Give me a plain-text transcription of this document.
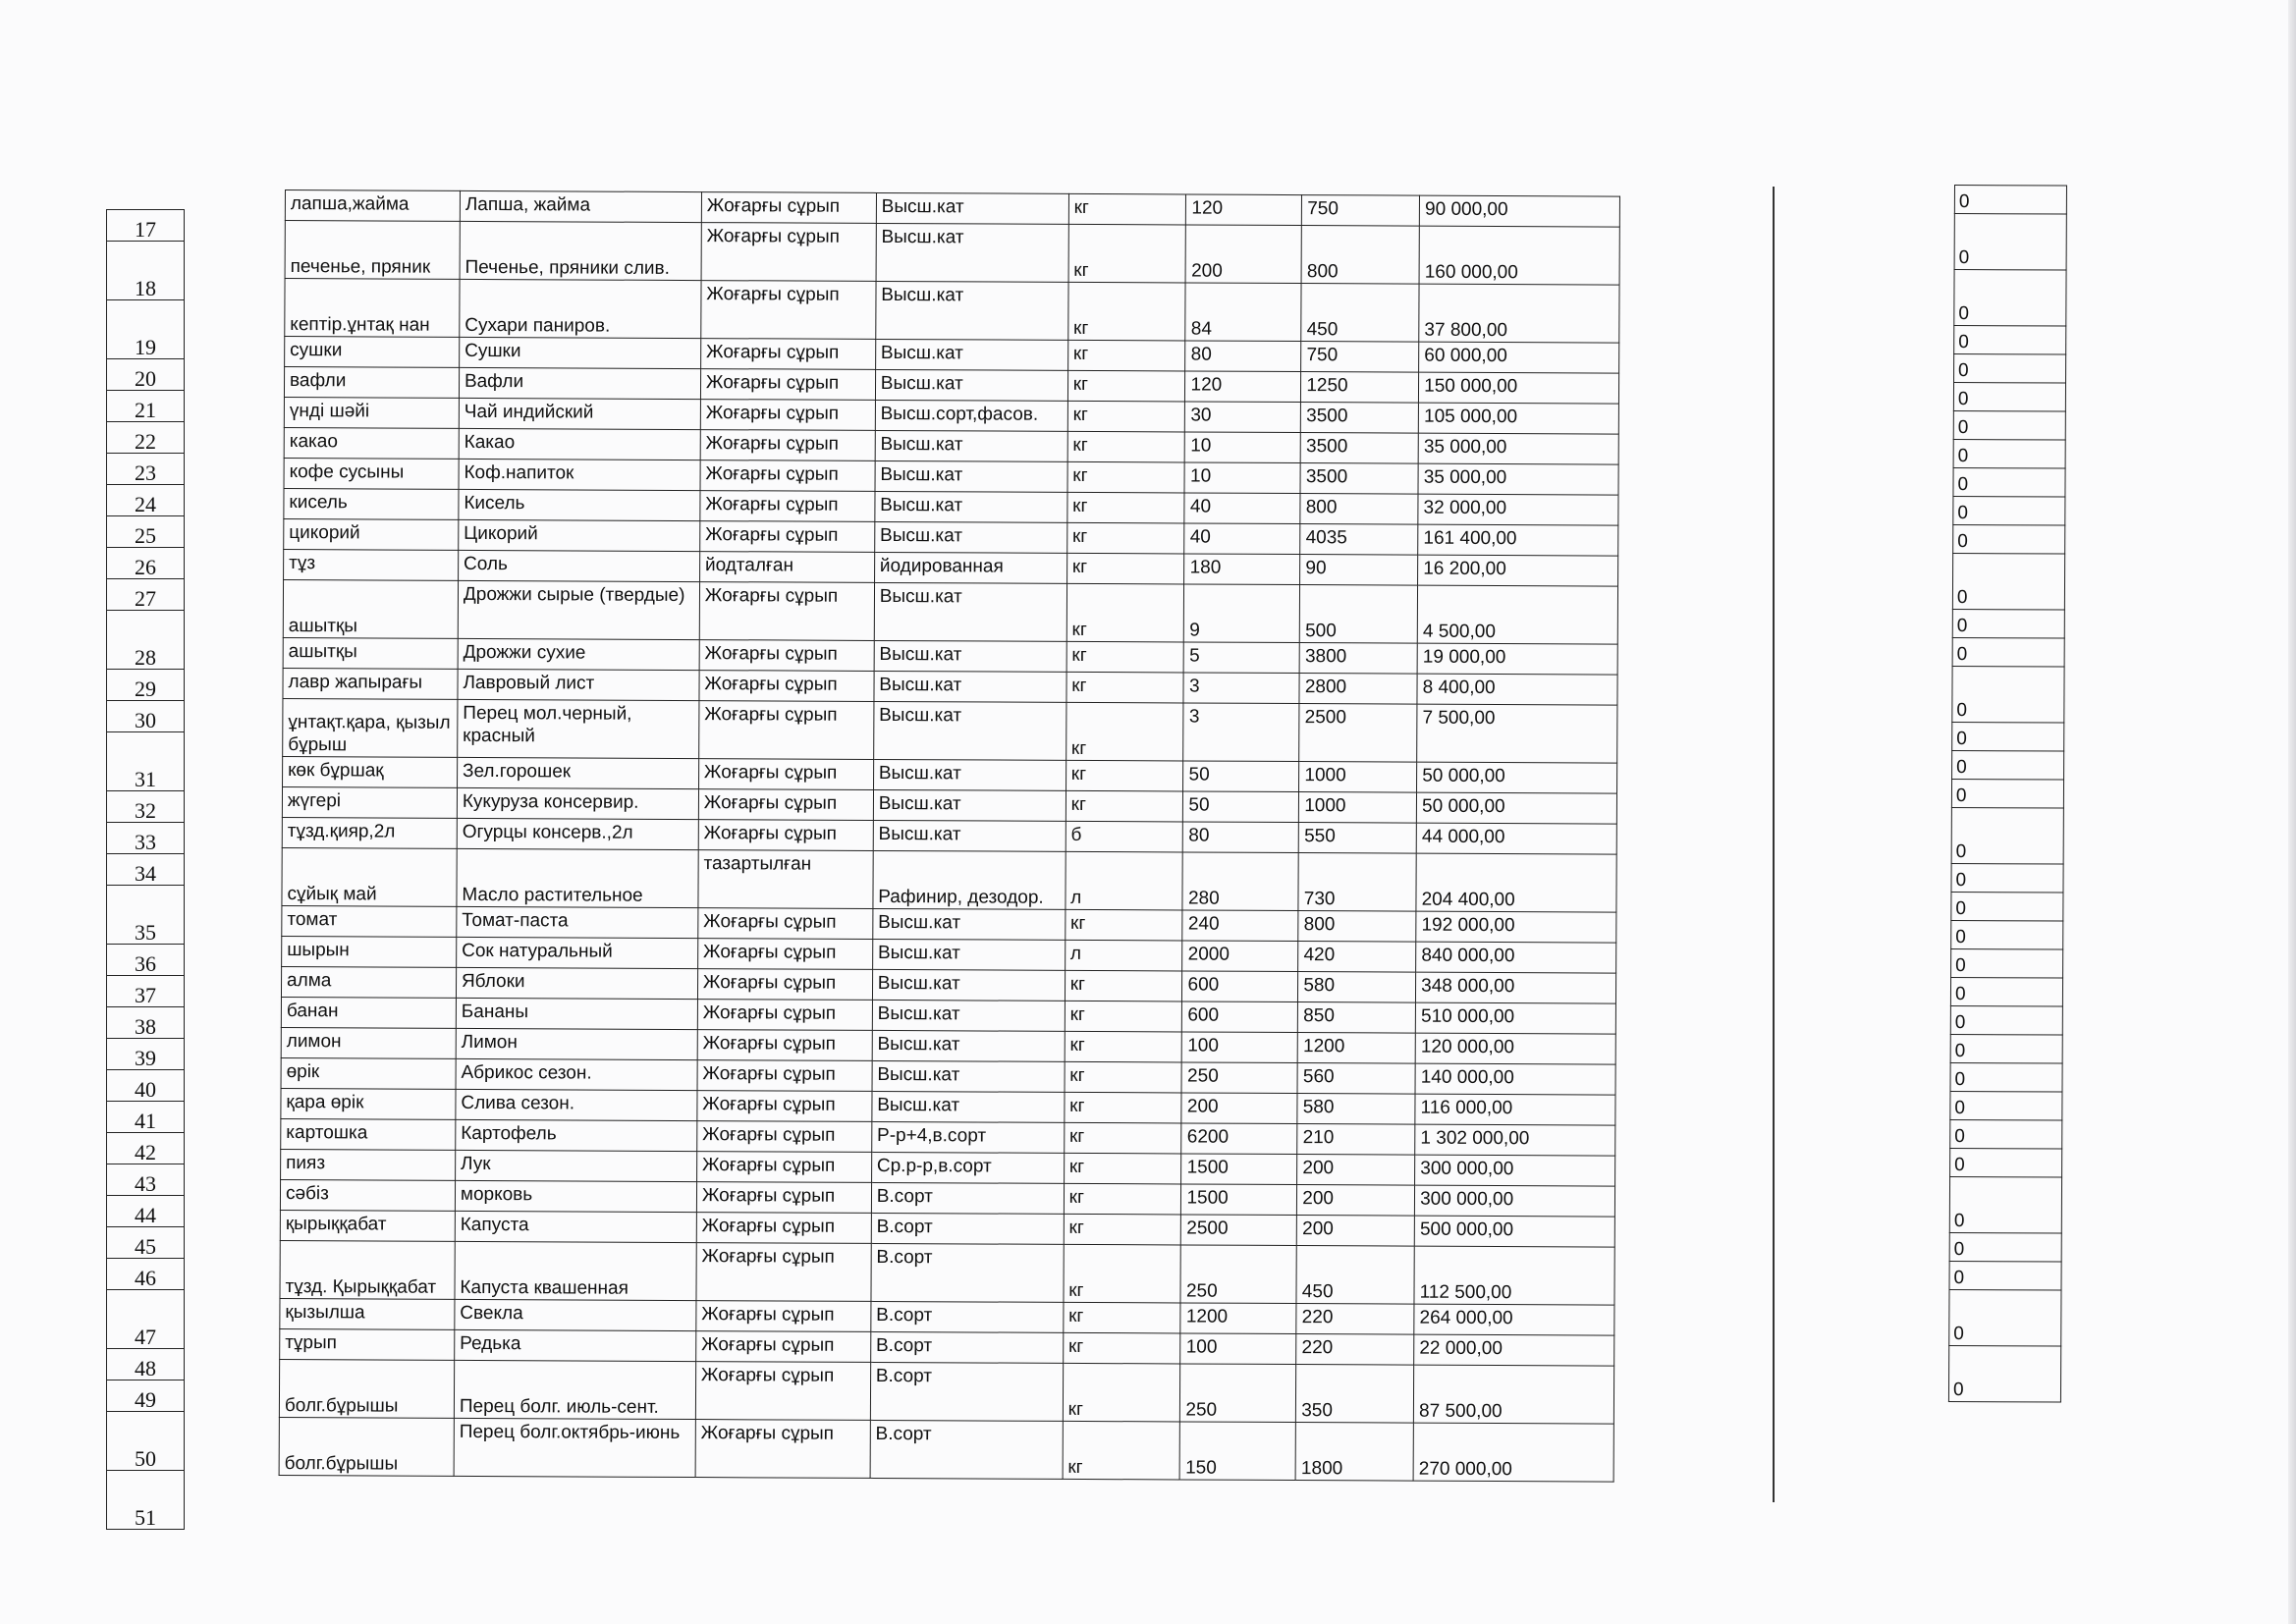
17
18
19
20
21
22
23
24
25
26
27
28
29
30
31
32
33
34
35
36
37
38
39
40
41
42
43
44
45
46
47
48
49
50
51
лапша,жайма	Лапша, жайма	Жоғарғы сұрып	Высш.кат	кг	120	750	90 000,00
печенье, пряник	Печенье, пряники слив.	Жоғарғы сұрып	Высш.кат	кг	200	800	160 000,00
кептір.ұнтақ нан	Сухари паниров.	Жоғарғы сұрып	Высш.кат	кг	84	450	37 800,00
сушки	Сушки	Жоғарғы сұрып	Высш.кат	кг	80	750	60 000,00
вафли	Вафли	Жоғарғы сұрып	Высш.кат	кг	120	1250	150 000,00
үнді шәйі	Чай индийский	Жоғарғы сұрып	Высш.сорт,фасов.	кг	30	3500	105 000,00
какао	Какао	Жоғарғы сұрып	Высш.кат	кг	10	3500	35 000,00
кофе сусыны	Коф.напиток	Жоғарғы сұрып	Высш.кат	кг	10	3500	35 000,00
кисель	Кисель	Жоғарғы сұрып	Высш.кат	кг	40	800	32 000,00
цикорий	Цикорий	Жоғарғы сұрып	Высш.кат	кг	40	4035	161 400,00
тұз	Соль	йодталған	йодированная	кг	180	90	16 200,00
ашытқы	Дрожжи сырые (твердые)	Жоғарғы сұрып	Высш.кат	кг	9	500	4 500,00
ашытқы	Дрожжи сухие	Жоғарғы сұрып	Высш.кат	кг	5	3800	19 000,00
лавр жапырағы	Лавровый лист	Жоғарғы сұрып	Высш.кат	кг	3	2800	8 400,00
ұнтақт.қара, қызыл бұрыш	Перец мол.черный, красный	Жоғарғы сұрып	Высш.кат	кг	3	2500	7 500,00
көк бұршақ	Зел.горошек	Жоғарғы сұрып	Высш.кат	кг	50	1000	50 000,00
жүгері	Кукуруза консервир.	Жоғарғы сұрып	Высш.кат	кг	50	1000	50 000,00
тұзд.қияр,2л	Огурцы консерв.,2л	Жоғарғы сұрып	Высш.кат	б	80	550	44 000,00
сұйық май	Масло растительное	тазартылған	Рафинир, дезодор.	л	280	730	204 400,00
томат	Томат-паста	Жоғарғы сұрып	Высш.кат	кг	240	800	192 000,00
шырын	Сок натуральный	Жоғарғы сұрып	Высш.кат	л	2000	420	840 000,00
алма	Яблоки	Жоғарғы сұрып	Высш.кат	кг	600	580	348 000,00
банан	Бананы	Жоғарғы сұрып	Высш.кат	кг	600	850	510 000,00
лимон	Лимон	Жоғарғы сұрып	Высш.кат	кг	100	1200	120 000,00
өрік	Абрикос сезон.	Жоғарғы сұрып	Высш.кат	кг	250	560	140 000,00
қара өрік	Слива сезон.	Жоғарғы сұрып	Высш.кат	кг	200	580	116 000,00
картошка	Картофель	Жоғарғы сұрып	Р-р+4,в.сорт	кг	6200	210	1 302 000,00
пияз	Лук	Жоғарғы сұрып	Ср.р-р,в.сорт	кг	1500	200	300 000,00
сәбіз	морковь	Жоғарғы сұрып	В.сорт	кг	1500	200	300 000,00
қырыққабат	Капуста	Жоғарғы сұрып	В.сорт	кг	2500	200	500 000,00
тұзд. Қырыққабат	Капуста квашенная	Жоғарғы сұрып	В.сорт	кг	250	450	112 500,00
қызылша	Свекла	Жоғарғы сұрып	В.сорт	кг	1200	220	264 000,00
тұрып	Редька	Жоғарғы сұрып	В.сорт	кг	100	220	22 000,00
болг.бұрышы	Перец болг. июль-сент.	Жоғарғы сұрып	В.сорт	кг	250	350	87 500,00
болг.бұрышы	Перец болг.октябрь-июнь	Жоғарғы сұрып	В.сорт	кг	150	1800	270 000,00
0
0
0
0
0
0
0
0
0
0
0
0
0
0
0
0
0
0
0
0
0
0
0
0
0
0
0
0
0
0
0
0
0
0
0
